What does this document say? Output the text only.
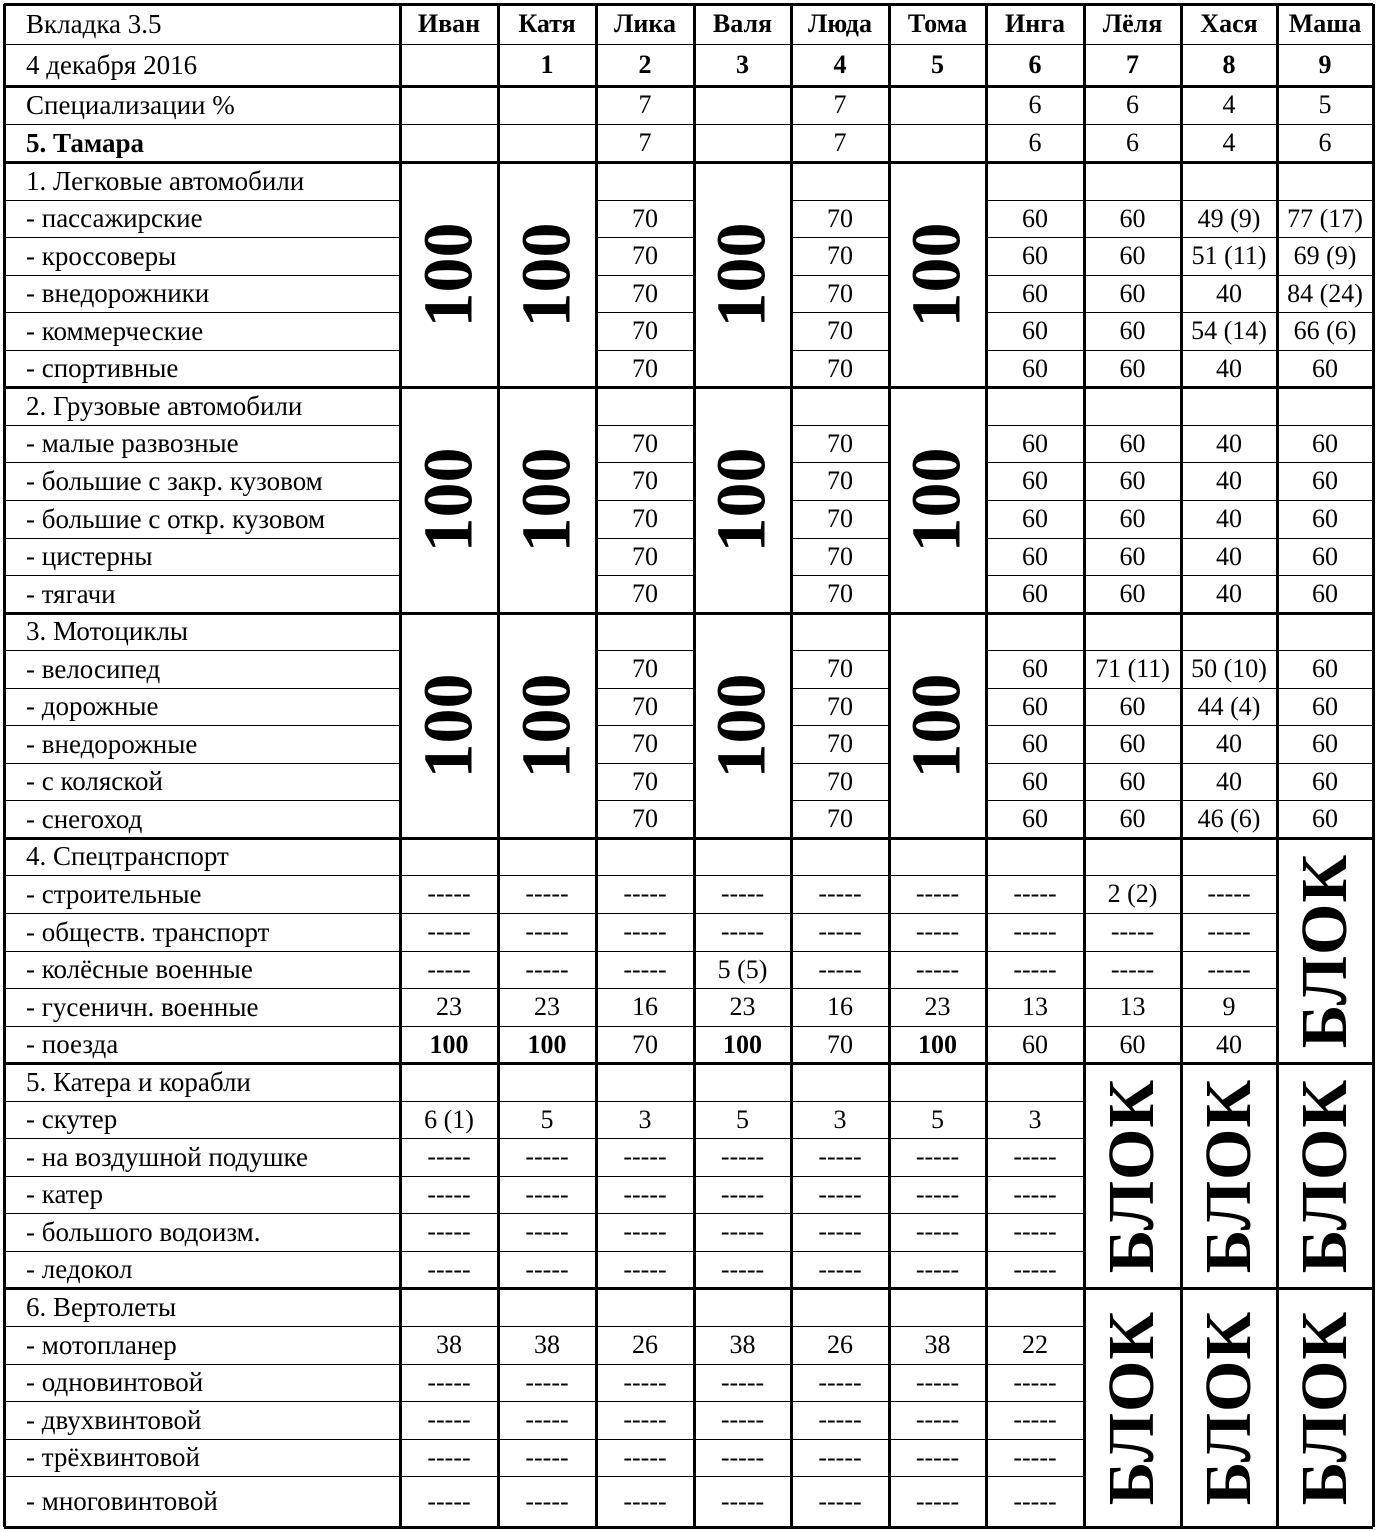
Вкладка 3.5
4 декабря 2016
Иван	Катя
1
Лика
2
Валя
3
Люда
4
Тома
5
Инга
6
Лёля
7
Хася
8
Маша
9
Специализации %
5. Тамара
7
7
7
7
6
6
6
6
4
4
5
6
1. Легковые автомобили
- пассажирские
- кроссоверы
- внедорожники
- коммерческие
- спортивные
100 100
70
70
70
70
70
100
70
70
70
70
70
100
60
60
60
60
60
60
60
60
60
60
49 (9)
51 (11)
40
54 (14)
40
77 (17)
69 (9)
84 (24)
66 (6)
60
2. Грузовые автомобили
- малые развозные
- большие с закр. кузовом
- большие с откр. кузовом
- цистерны
- тягачи
100 100
70
70
70
70
70
100
70
70
70
70
70
100
60
60
60
60
60
60
60
60
60
60
40
40
40
40
40
60
60
60
60
60
3. Мотоциклы
- велосипед
- дорожные
- внедорожные
- с коляской
- снегоход
100 100
70
70
70
70
70
100
70
70
70
70
70
100
60
60
60
60
60
71 (11)
60
60
60
60
50 (10)
44 (4)
40
40
46 (6)
60
60
60
60
60
4. Спецтранспорт
- строительные
- обществ. транспорт
- колёсные военные
- гусеничн. военные
- поезда
-----
-----
-----
23
100
-----
-----
-----
23
100
-----
-----
-----
16
70
-----
-----
5 (5)
23
100
-----
-----
-----
16
70
-----
-----
-----
23
100
-----
-----
-----
13
60
2 (2)
-----
-----
13
60
-----
-----
-----
9
40 БЛОК
5. Катера и корабли
- скутер
- на воздушной подушке
- катер
- большого водоизм.
- ледокол
6 (1)
-----
-----
-----
-----
5
-----
-----
-----
-----
3
-----
-----
-----
-----
5
-----
-----
-----
-----
3
-----
-----
-----
-----
5
-----
-----
-----
-----
3
-----
-----
-----
----- БЛОК БЛОК БЛОК
6. Вертолеты
- мотопланер
- одновинтовой
- двухвинтовой
- трёхвинтовой
- многовинтовой
38
-----
-----
-----
-----
38
-----
-----
-----
-----
26
-----
-----
-----
-----
38
-----
-----
-----
-----
26
-----
-----
-----
-----
38
-----
-----
-----
-----
22
-----
-----
-----
----- БЛОК БЛОК БЛОК
